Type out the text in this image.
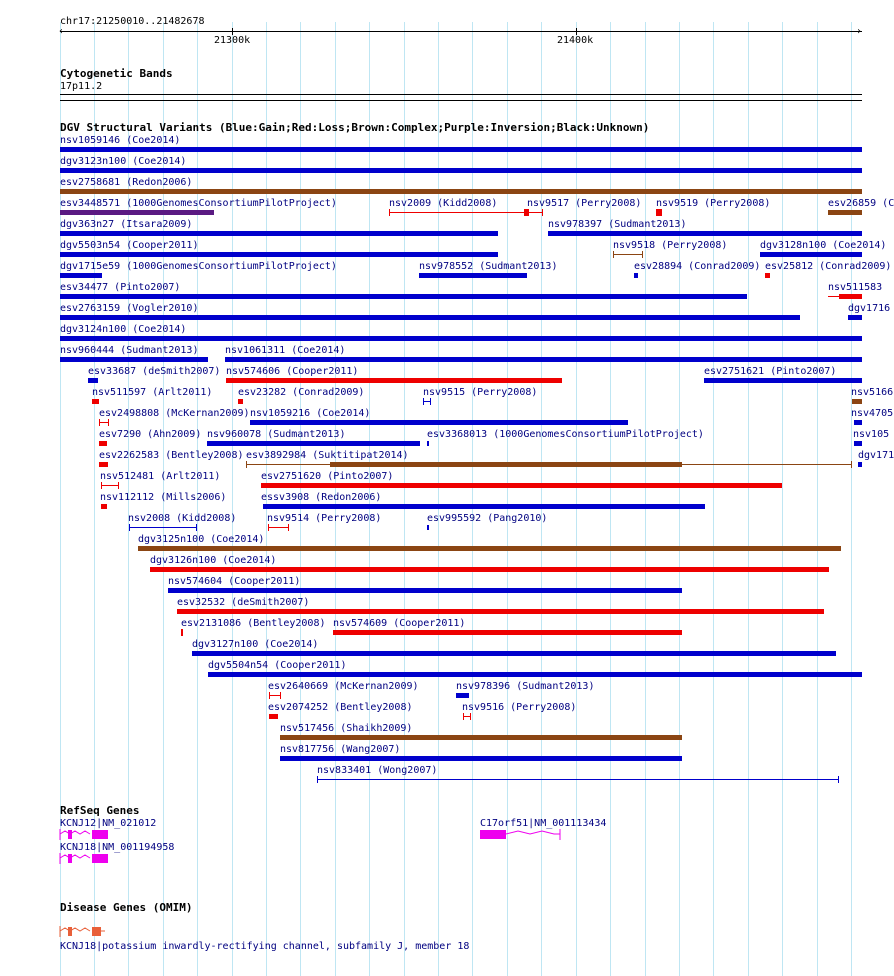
chr17:21250010..21482678
‹	›
21300k	21400k
Cytogenetic Bands
17p11.2
DGV Structural Variants (Blue:Gain;Red:Loss;Brown:Complex;Purple:Inversion;Black:Unknown)
nsv1059146 (Coe2014)
dgv3123n100 (Coe2014)
esv2758681 (Redon2006)
esv3448571 (1000GenomesConsortiumPilotProject)	nsv2009 (Kidd2008)	nsv9517 (Perry2008) nsv9519 (Perry2008)	esv26859 (C
dgv363n27 (Itsara2009)	nsv978397 (Sudmant2013)
dgv5503n54 (Cooper2011)	nsv9518 (Perry2008)	dgv3128n100 (Coe2014)
dgv1715e59 (1000GenomesConsortiumPilotProject)	nsv978552 (Sudmant2013)	esv28894 (Conrad2009) esv25812 (Conrad2009)
esv34477 (Pinto2007)	nsv511583
esv2763159 (Vogler2010)	dgv1716
dgv3124n100 (Coe2014)
nsv960444 (Sudmant2013)	nsv1061311 (Coe2014)
esv33687 (deSmith2007) nsv574606 (Cooper2011)	esv2751621 (Pinto2007)
nsv511597 (Arlt2011)	esv23282 (Conrad2009)	nsv9515 (Perry2008)	nsv5166
esv2498808 (McKernan2009) nsv1059216 (Coe2014)	nsv4705
esv7290 (Ahn2009) nsv960078 (Sudmant2013)	esv3368013 (1000GenomesConsortiumPilotProject)	nsv105
esv2262583 (Bentley2008) esv3892984 (Suktitipat2014)	dgv171
nsv512481 (Arlt2011)	esv2751620 (Pinto2007)
nsv112112 (Mills2006)	essv3908 (Redon2006)
nsv2008 (Kidd2008)	nsv9514 (Perry2008)	esv995592 (Pang2010)
dgv3125n100 (Coe2014)
dgv3126n100 (Coe2014)
nsv574604 (Cooper2011)
esv32532 (deSmith2007)
esv2131086 (Bentley2008) nsv574609 (Cooper2011)
dgv3127n100 (Coe2014)
dgv5504n54 (Cooper2011)
esv2640669 (McKernan2009)	nsv978396 (Sudmant2013)
esv2074252 (Bentley2008)	nsv9516 (Perry2008)
nsv517456 (Shaikh2009)
nsv817756 (Wang2007)
nsv833401 (Wong2007)
RefSeq Genes
KCNJ12|NM_021012	C17orf51|NM_001113434
KCNJ18|NM_001194958
Disease Genes (OMIM)
KCNJ18|potassium inwardly-rectifying channel, subfamily J, member 18
